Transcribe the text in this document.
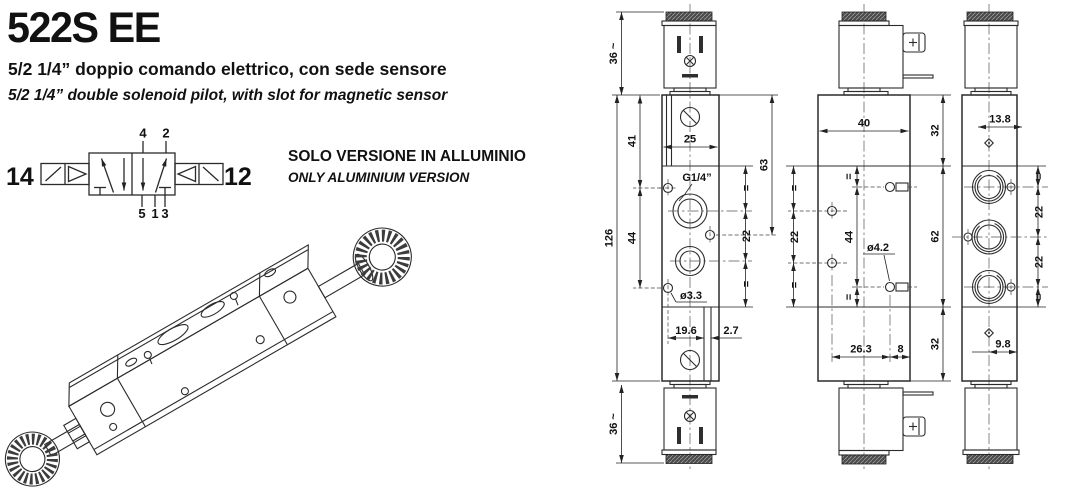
522S EE
5/2 1/4” doppio comando elettrico, con sede sensore
5/2 1/4” double solenoid pilot, with slot for magnetic sensor
SOLO VERSIONE IN ALLUMINIO
ONLY ALUMINIUM VERSION
14	12
4 2
5 1 3
G1/4”
25
41
44
126
36 ~
36 ~
=
22
=
63
ø3.3
19.6 2.7
=
22
=
=
44
=
40
32
62
32
ø4.2
26.3 8
13.8
=
22
22
=
9.8
